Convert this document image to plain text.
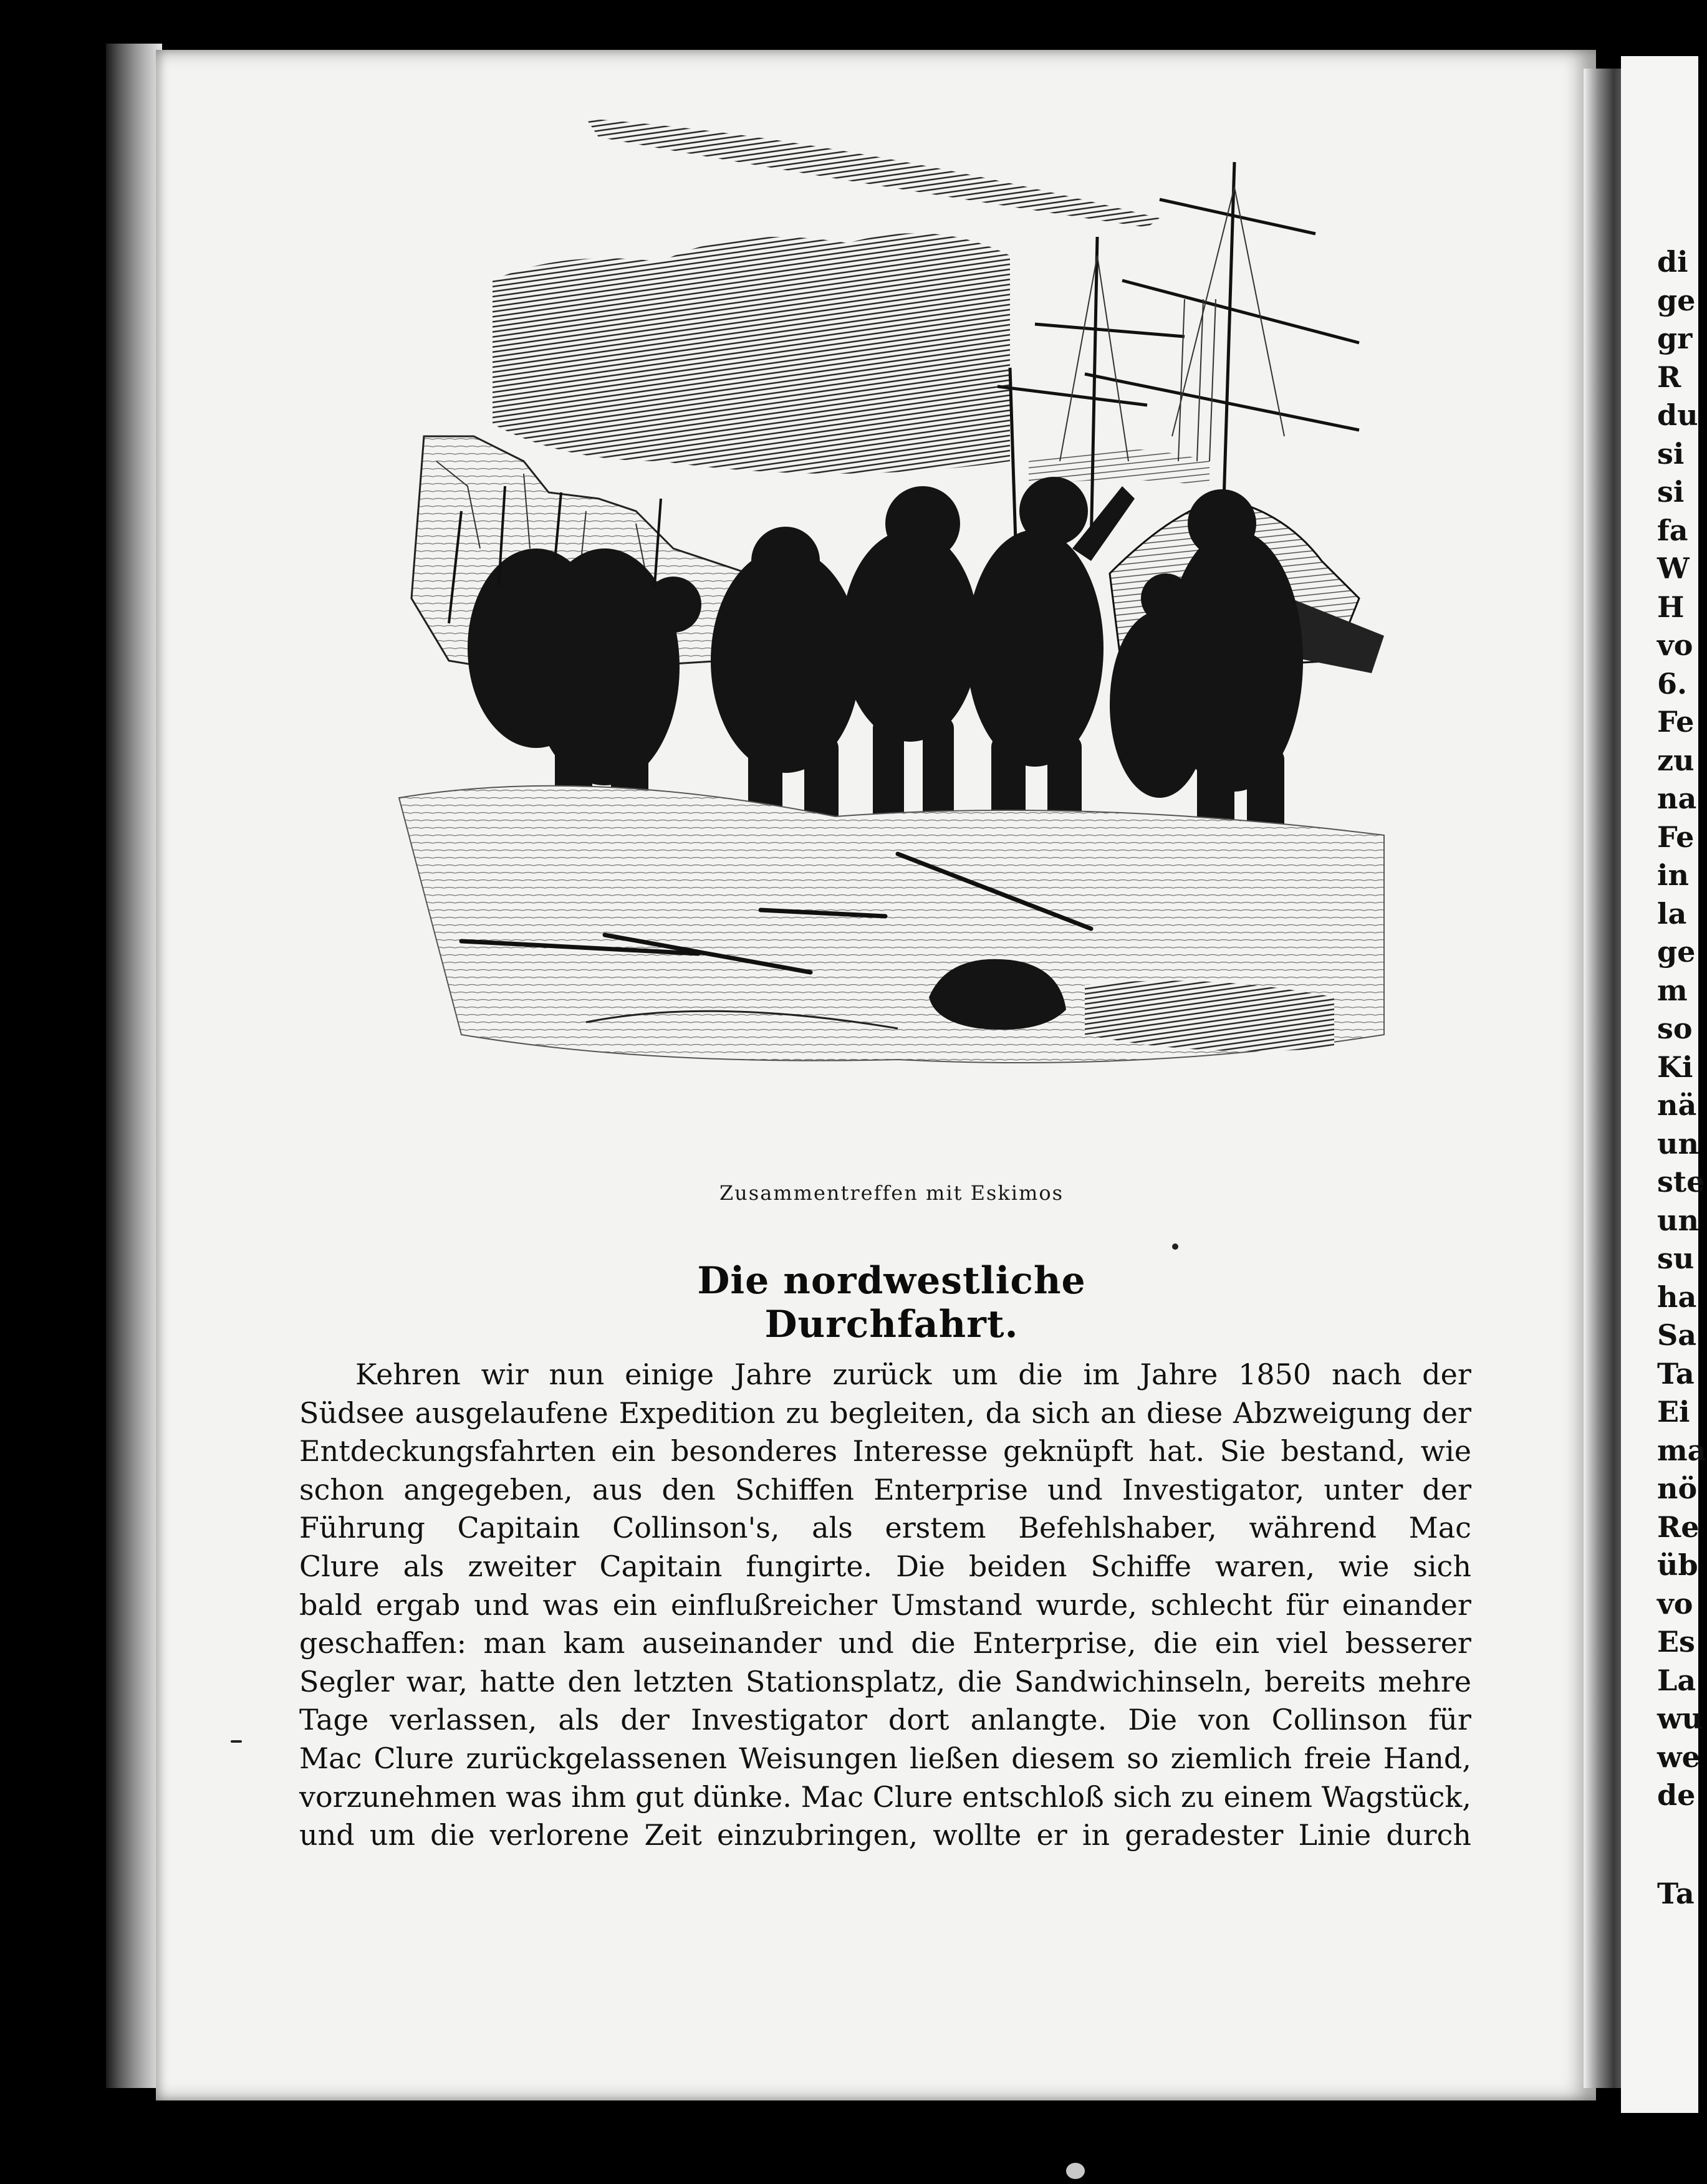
di
ge
gr
R
du
si
si
fa
W
H
vo
6.
Fe
zu
na
Fe
in
la
ge
m
so
Ki
nä
un
ste
un
su
ha
Sa
Ta
Ei
ma
nö
Re
üb
vo
Es
La
wu
we
de
Ta
Zusammentreffen mit Eskimos
Die nordwestliche Durchfahrt.
Kehren wir nun einige Jahre zurück um die im Jahre 1850 nach der
Südsee ausgelaufene Expedition zu begleiten, da sich an diese Abzweigung der
Entdeckungsfahrten ein besonderes Interesse geknüpft hat. Sie bestand, wie
schon angegeben, aus den Schiffen Enterprise und Investigator, unter der
Führung Capitain Collinson's, als erstem Befehlshaber, während Mac
Clure als zweiter Capitain fungirte. Die beiden Schiffe waren, wie sich
bald ergab und was ein einflußreicher Umstand wurde, schlecht für einander
geschaffen: man kam auseinander und die Enterprise, die ein viel besserer
Segler war, hatte den letzten Stationsplatz, die Sandwichinseln, bereits mehre
Tage verlassen, als der Investigator dort anlangte. Die von Collinson für
Mac Clure zurückgelassenen Weisungen ließen diesem so ziemlich freie Hand,
vorzunehmen was ihm gut dünke. Mac Clure entschloß sich zu einem Wagstück,
und um die verlorene Zeit einzubringen, wollte er in geradester Linie durch
